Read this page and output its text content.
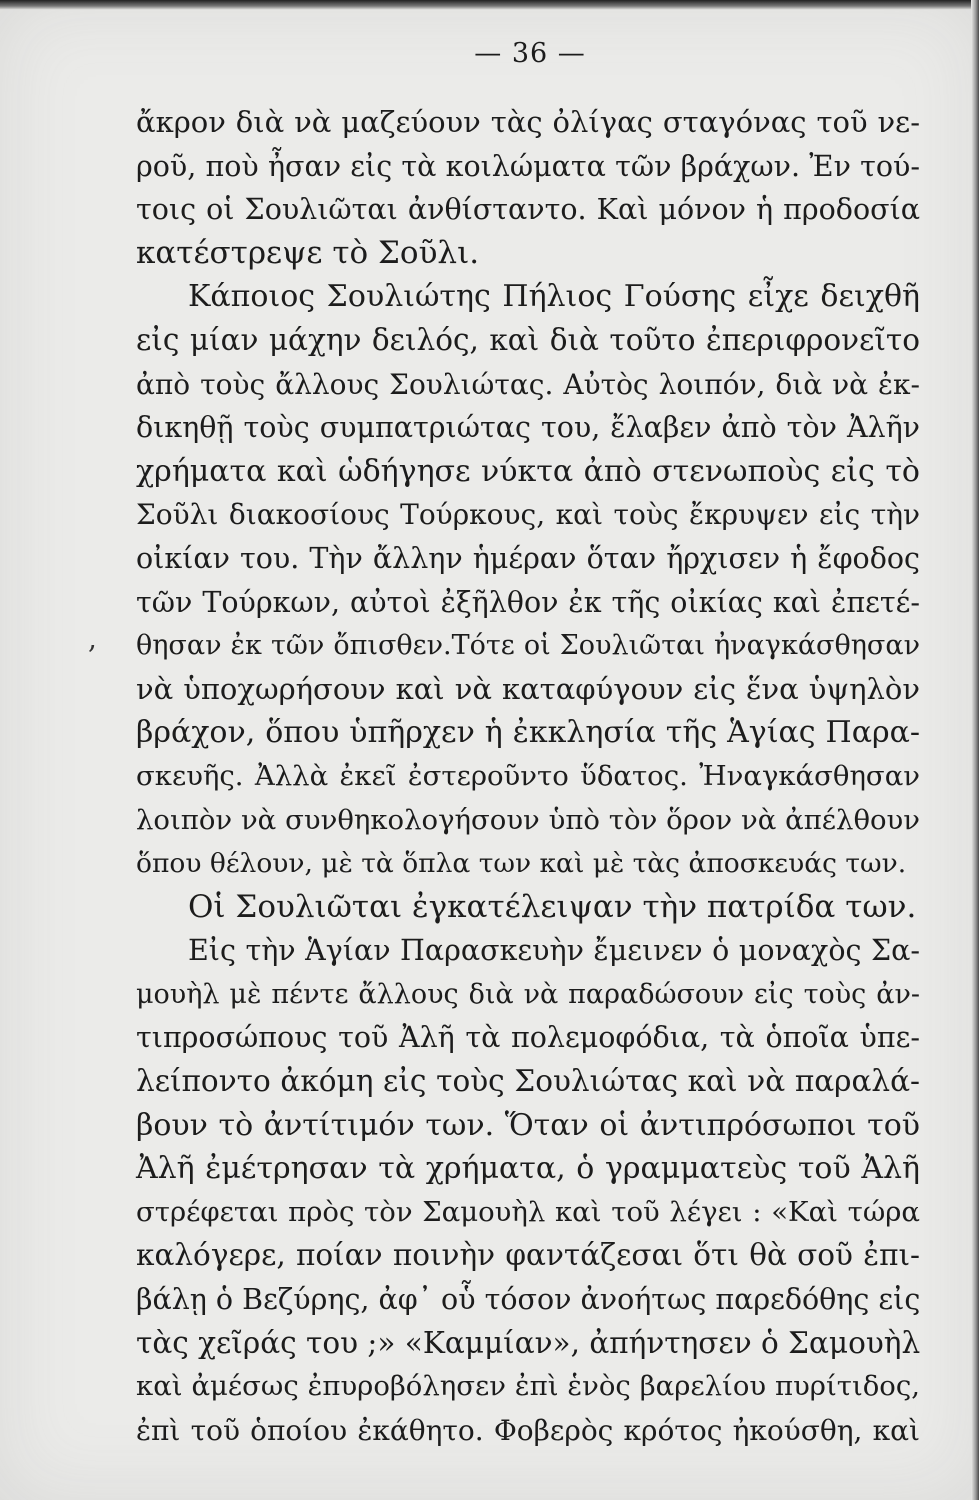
— 36 —
,
ἄκρον διὰ νὰ μαζεύουν τὰς ὀλίγας σταγόνας τοῦ νε-
ροῦ, ποὺ ἦσαν εἰς τὰ κοιλώματα τῶν βράχων. Ἐν τού-
τοις οἱ Σουλιῶται ἀνθίσταντο. Καὶ μόνον ἡ προδοσία
κατέστρεψε τὸ Σοῦλι.
Κάποιος Σουλιώτης Πήλιος Γούσης εἶχε δειχθῆ
εἰς μίαν μάχην δειλός, καὶ διὰ τοῦτο ἐπεριφρονεῖτο
ἀπὸ τοὺς ἄλλους Σουλιώτας. Αὐτὸς λοιπόν, διὰ νὰ ἐκ-
δικηθῇ τοὺς συμπατριώτας του, ἔλαβεν ἀπὸ τὸν Ἀλῆν
χρήματα καὶ ὡδήγησε νύκτα ἀπὸ στενωποὺς εἰς τὸ
Σοῦλι διακοσίους Τούρκους, καὶ τοὺς ἔκρυψεν εἰς τὴν
οἰκίαν του. Τὴν ἄλλην ἡμέραν ὅταν ἤρχισεν ἡ ἔφοδος
τῶν Τούρκων, αὐτοὶ ἐξῆλθον ἐκ τῆς οἰκίας καὶ ἐπετέ-
θησαν ἐκ τῶν ὄπισθεν.Τότε οἱ Σουλιῶται ἠναγκάσθησαν
νὰ ὑποχωρήσουν καὶ νὰ καταφύγουν εἰς ἕνα ὑψηλὸν
βράχον, ὅπου ὑπῆρχεν ἡ ἐκκλησία τῆς Ἁγίας Παρα-
σκευῆς. Ἀλλὰ ἐκεῖ ἐστεροῦντο ὕδατος. Ἠναγκάσθησαν
λοιπὸν νὰ συνθηκολογήσουν ὑπὸ τὸν ὅρον νὰ ἀπέλθουν
ὅπου θέλουν, μὲ τὰ ὅπλα των καὶ μὲ τὰς ἀποσκευάς των.
Οἱ Σουλιῶται ἐγκατέλειψαν τὴν πατρίδα των.
Εἰς τὴν Ἁγίαν Παρασκευὴν ἔμεινεν ὁ μοναχὸς Σα-
μουὴλ μὲ πέντε ἄλλους διὰ νὰ παραδώσουν εἰς τοὺς ἀν-
τιπροσώπους τοῦ Ἀλῆ τὰ πολεμοφόδια, τὰ ὁποῖα ὑπε-
λείποντο ἀκόμη εἰς τοὺς Σουλιώτας καὶ νὰ παραλά-
βουν τὸ ἀντίτιμόν των. Ὅταν οἱ ἀντιπρόσωποι τοῦ
Ἀλῆ ἐμέτρησαν τὰ χρήματα, ὁ γραμματεὺς τοῦ Ἀλῆ
στρέφεται πρὸς τὸν Σαμουὴλ καὶ τοῦ λέγει : «Καὶ τώρα
καλόγερε, ποίαν ποινὴν φαντάζεσαι ὅτι θὰ σοῦ ἐπι-
βάλῃ ὁ Βεζύρης, ἀφ᾿ οὗ τόσον ἀνοήτως παρεδόθης εἰς
τὰς χεῖράς του ;» «Καμμίαν», ἀπήντησεν ὁ Σαμουὴλ
καὶ ἀμέσως ἐπυροβόλησεν ἐπὶ ἑνὸς βαρελίου πυρίτιδος,
ἐπὶ τοῦ ὁποίου ἐκάθητο. Φοβερὸς κρότος ἠκούσθη, καὶ
